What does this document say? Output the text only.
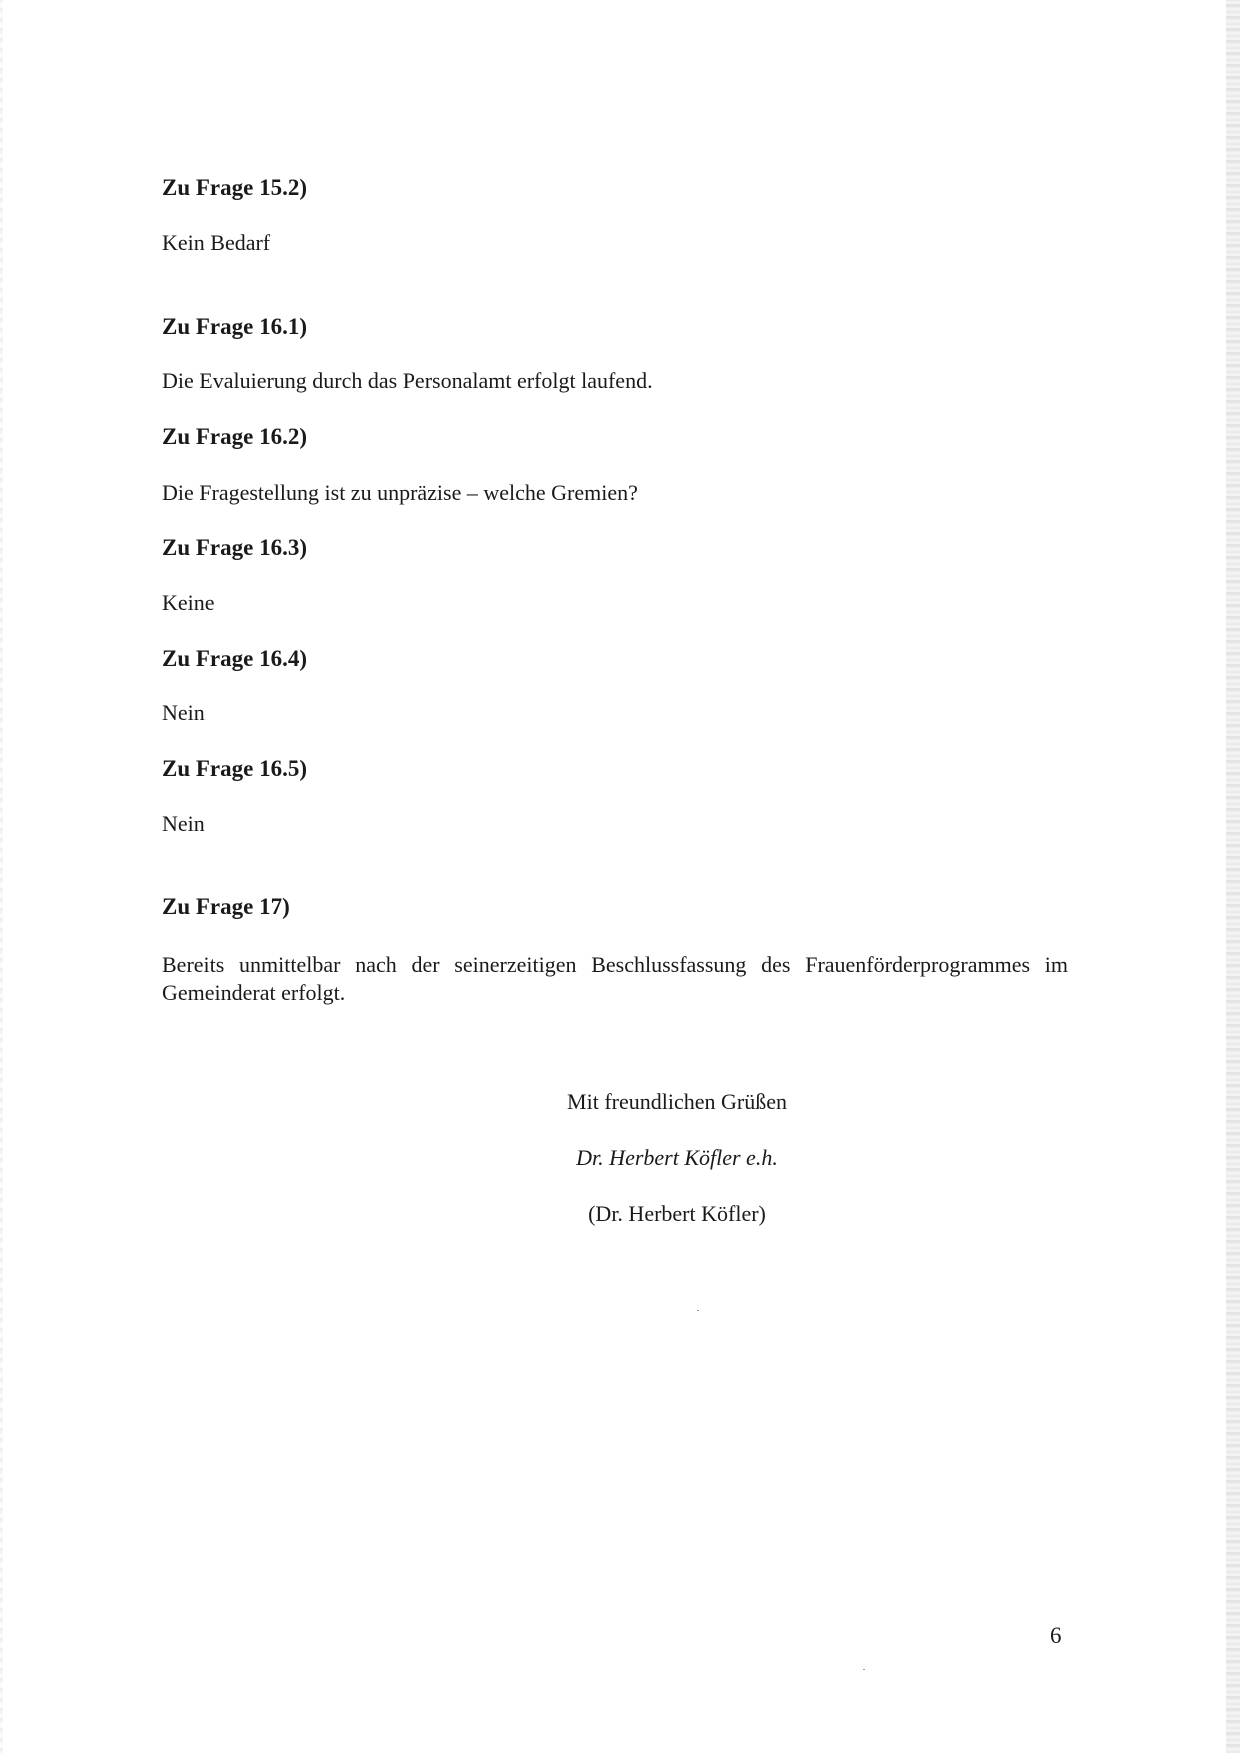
Zu Frage 15.2)
Kein Bedarf
Zu Frage 16.1)
Die Evaluierung durch das Personalamt erfolgt laufend.
Zu Frage 16.2)
Die Fragestellung ist zu unpräzise – welche Gremien?
Zu Frage 16.3)
Keine
Zu Frage 16.4)
Nein
Zu Frage 16.5)
Nein
Zu Frage 17)
Bereits unmittelbar nach der seinerzeitigen Beschlussfassung des Frauenförderprogrammes im Gemeinderat erfolgt.
Mit freundlichen Grüßen
Dr. Herbert Köfler e.h.
(Dr. Herbert Köfler)
6
